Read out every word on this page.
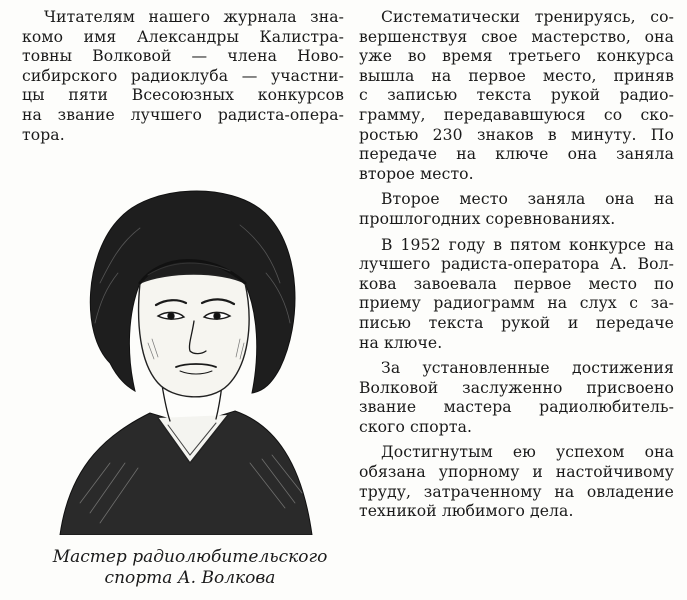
Читателям нашего журнала зна-
комо имя Александры Калистра-
товны Волковой — члена Ново-
сибирского радиоклуба — участни-
цы пяти Всесоюзных конкурсов
на звание лучшего радиста-опера-
тора.
Мастер радиолюбительского
спорта А. Волкова
Систематически тренируясь, со-
вершенствуя свое мастерство, она
уже во время третьего конкурса
вышла на первое место, приняв
с записью текста рукой радио-
грамму, передававшуюся со ско-
ростью 230 знаков в минуту. По
передаче на ключе она заняла
второе место.
Второе место заняла она на
прошлогодних соревнованиях.
В 1952 году в пятом конкурсе на
лучшего радиста-оператора А. Вол-
кова завоевала первое место по
приему радиограмм на слух с за-
писью текста рукой и передаче
на ключе.
За установленные достижения
Волковой заслуженно присвоено
звание мастера радиолюбитель-
ского спорта.
Достигнутым ею успехом она
обязана упорному и настойчивому
труду, затраченному на овладение
техникой любимого дела.
